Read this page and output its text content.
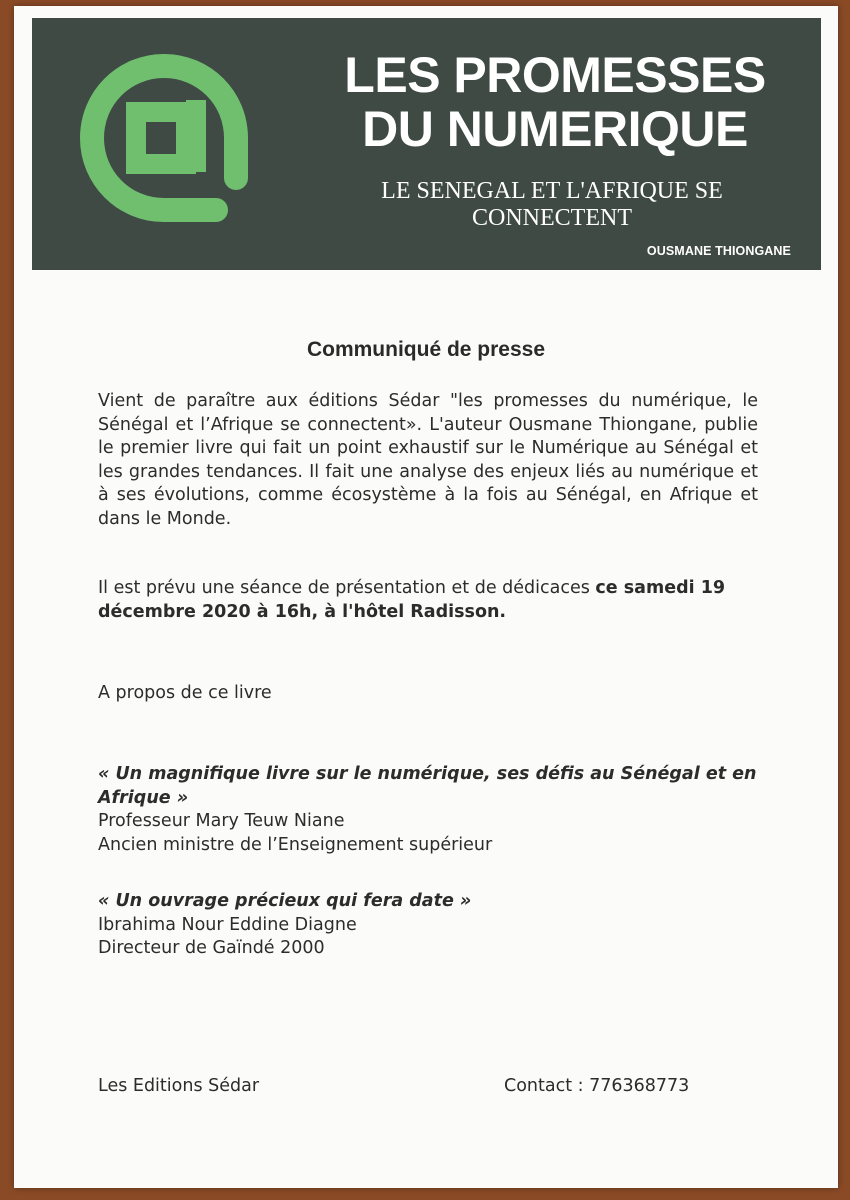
LES PROMESSES
DU NUMERIQUE
LE SENEGAL ET L'AFRIQUE SE
CONNECTENT
OUSMANE THIONGANE
Communiqué de presse
Vient de paraître aux éditions Sédar "les promesses du numérique, le Sénégal et l’Afrique se connectent». L'auteur Ousmane Thiongane, publie le premier livre qui fait un point exhaustif sur le Numérique au Sénégal et les grandes tendances. Il fait une analyse des enjeux liés au numérique et à ses évolutions, comme écosystème à la fois au Sénégal, en Afrique et dans le Monde.
Il est prévu une séance de présentation et de dédicaces ce samedi 19 décembre 2020 à 16h, à l'hôtel Radisson.
A propos de ce livre
« Un magnifique livre sur le numérique, ses défis au Sénégal et en Afrique »
Professeur Mary Teuw Niane
Ancien ministre de l’Enseignement supérieur
« Un ouvrage précieux qui fera date »
Ibrahima Nour Eddine Diagne
Directeur de Gaïndé 2000
Les Editions Sédar	Contact : 776368773
